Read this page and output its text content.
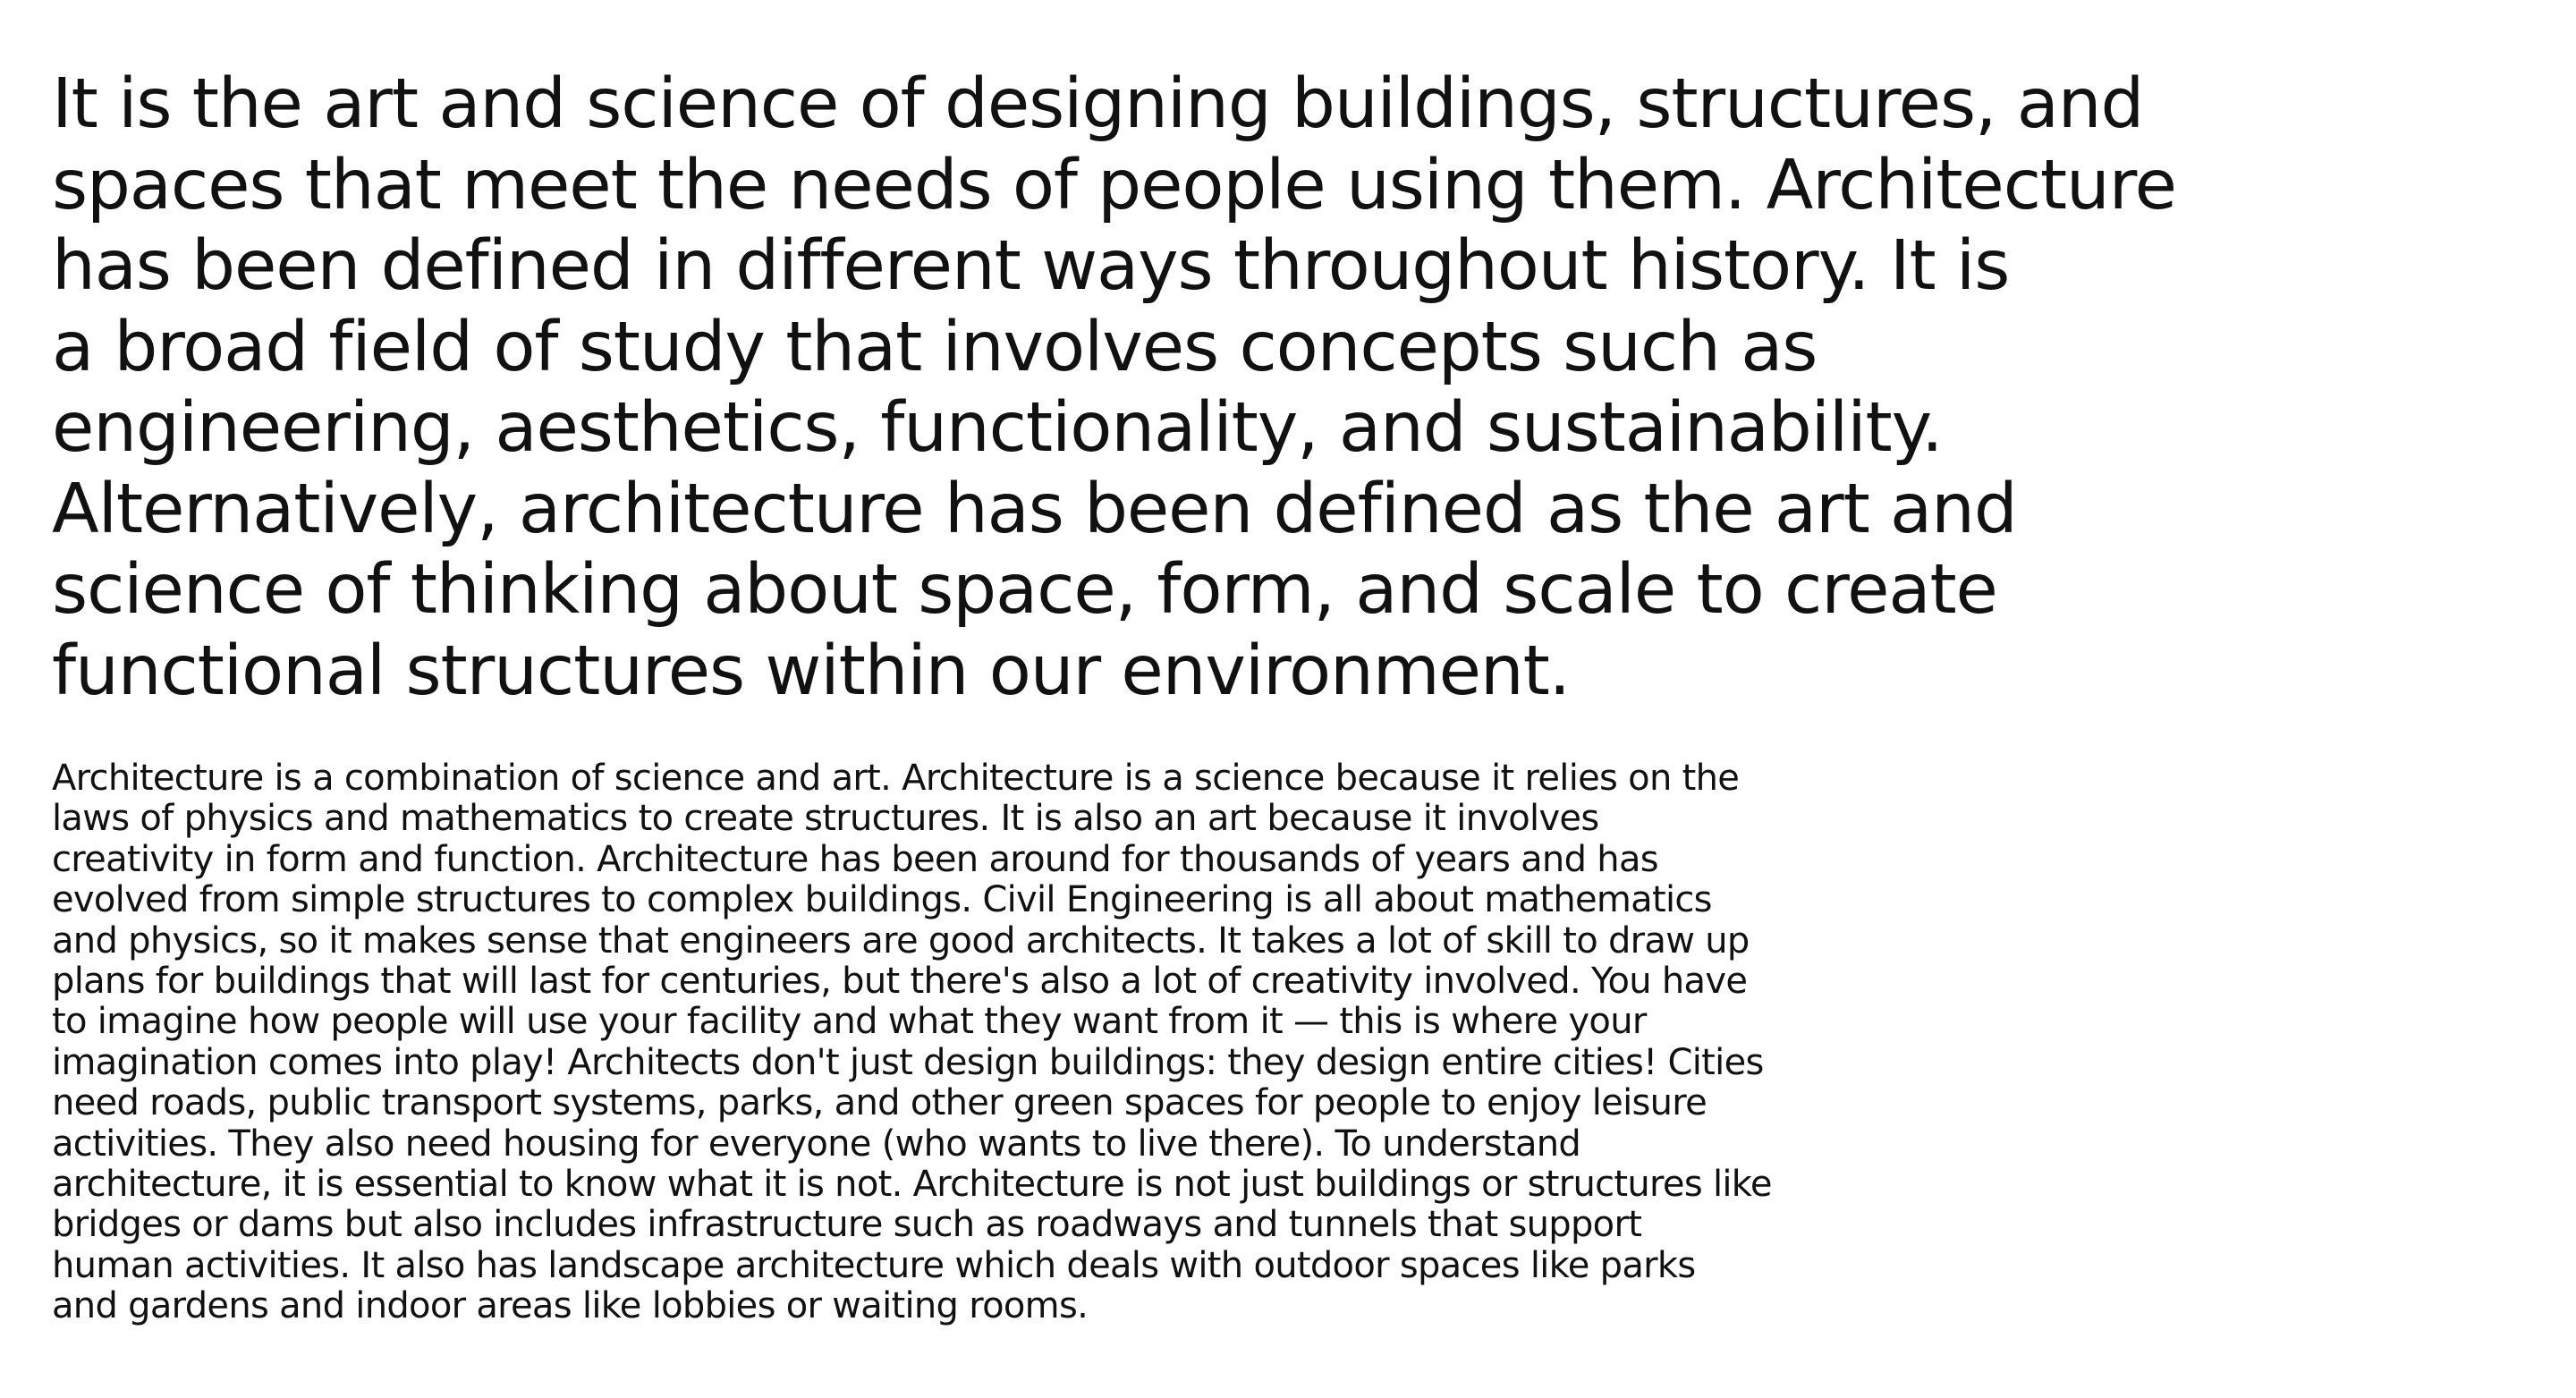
It is the art and science of designing buildings, structures, and
spaces that meet the needs of people using them. Architecture
has been defined in different ways throughout history. It is
a broad field of study that involves concepts such as
engineering, aesthetics, functionality, and sustainability.
Alternatively, architecture has been defined as the art and
science of thinking about space, form, and scale to create
functional structures within our environment.

Architecture is a combination of science and art. Architecture is a science because it relies on the
laws of physics and mathematics to create structures. It is also an art because it involves
creativity in form and function. Architecture has been around for thousands of years and has
evolved from simple structures to complex buildings. Civil Engineering is all about mathematics
and physics, so it makes sense that engineers are good architects. It takes a lot of skill to draw up
plans for buildings that will last for centuries, but there's also a lot of creativity involved. You have
to imagine how people will use your facility and what they want from it — this is where your
imagination comes into play! Architects don't just design buildings: they design entire cities! Cities
need roads, public transport systems, parks, and other green spaces for people to enjoy leisure
activities. They also need housing for everyone (who wants to live there). To understand
architecture, it is essential to know what it is not. Architecture is not just buildings or structures like
bridges or dams but also includes infrastructure such as roadways and tunnels that support
human activities. It also has landscape architecture which deals with outdoor spaces like parks
and gardens and indoor areas like lobbies or waiting rooms.
